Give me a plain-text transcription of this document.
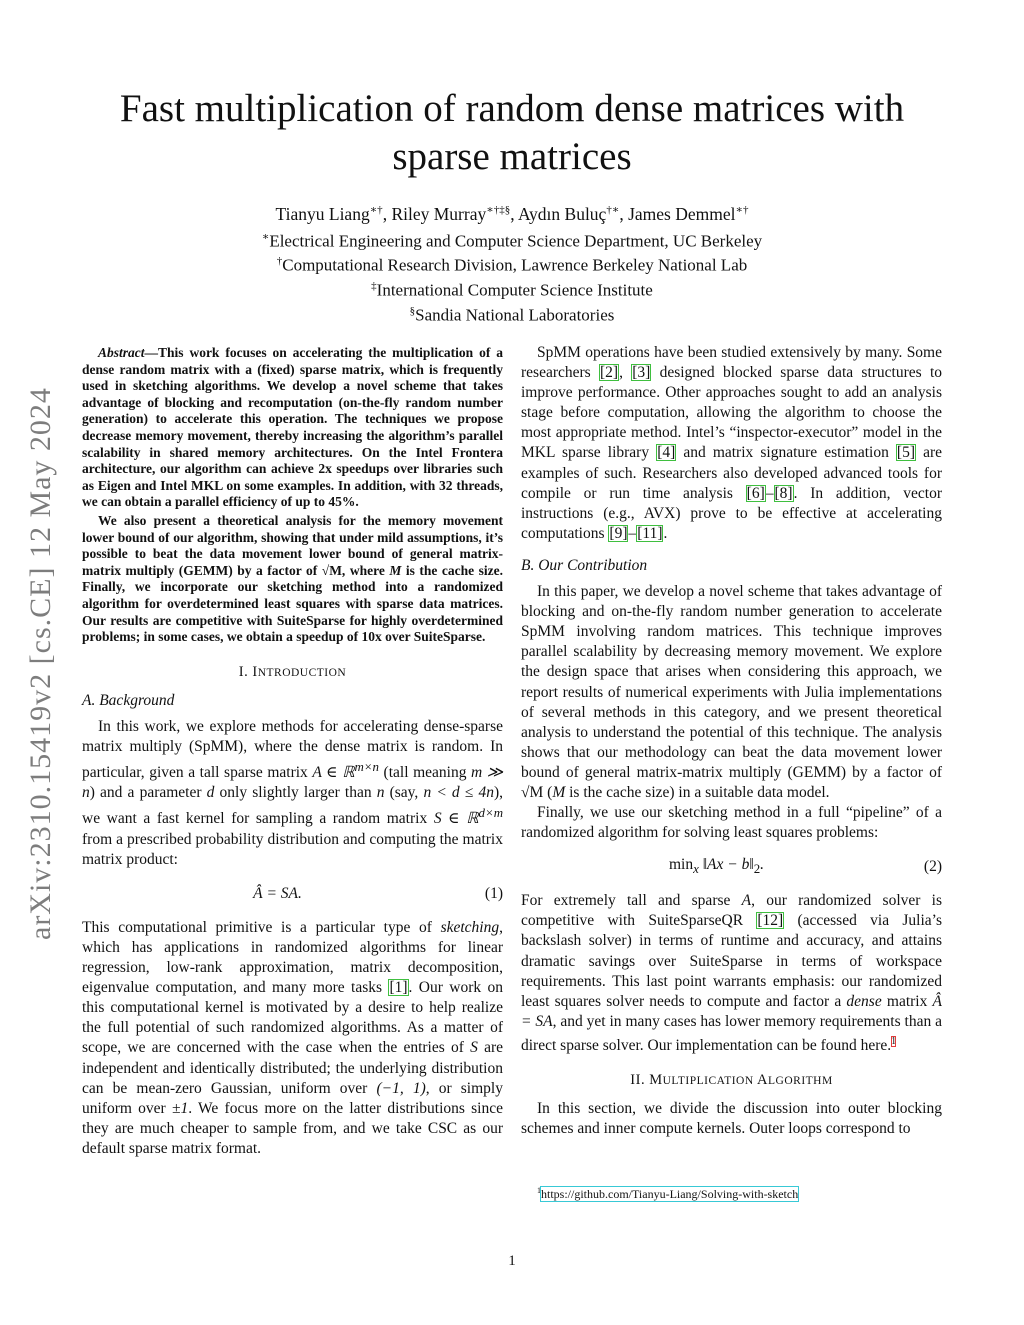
arXiv:2310.15419v2 [cs.CE] 12 May 2024
Fast multiplication of random dense matrices with
sparse matrices
Tianyu Liang∗†, Riley Murray∗†‡§, Aydın Buluç†∗, James Demmel∗†
∗Electrical Engineering and Computer Science Department, UC Berkeley
†Computational Research Division, Lawrence Berkeley National Lab
‡International Computer Science Institute
§Sandia National Laboratories

Abstract—This work focuses on accelerating the multiplication of a dense random matrix with a (fixed) sparse matrix, which is frequently used in sketching algorithms. We develop a novel scheme that takes advantage of blocking and recomputation (on-the-fly random number generation) to accelerate this operation. The techniques we propose decrease memory movement, thereby increasing the algorithm’s parallel scalability in shared memory architectures. On the Intel Frontera architecture, our algorithm can achieve 2x speedups over libraries such as Eigen and Intel MKL on some examples. In addition, with 32 threads, we can obtain a parallel efficiency of up to 45%.

We also present a theoretical analysis for the memory movement lower bound of our algorithm, showing that under mild assumptions, it’s possible to beat the data movement lower bound of general matrix-matrix multiply (GEMM) by a factor of √M, where M is the cache size. Finally, we incorporate our sketching method into a randomized algorithm for overdetermined least squares with sparse data matrices. Our results are competitive with SuiteSparse for highly overdetermined problems; in some cases, we obtain a speedup of 10x over SuiteSparse.

I. INTRODUCTION
A. Background

In this work, we explore methods for accelerating dense-sparse matrix multiply (SpMM), where the dense matrix is random. In particular, given a tall sparse matrix A ∈ ℝ$^{m\times n}$ (tall meaning m ≫ n) and a parameter d only slightly larger than n (say, n < d ≤ 4n), we want a fast kernel for sampling a random matrix S ∈ ℝ$^{d\times m}$ from a prescribed probability distribution and computing the matrix matrix product:

Â = SA.	(1)

This computational primitive is a particular type of sketching, which has applications in randomized algorithms for linear regression, low-rank approximation, matrix decomposition, eigenvalue computation, and many more tasks [1]. Our work on this computational kernel is motivated by a desire to help realize the full potential of such randomized algorithms. As a matter of scope, we are concerned with the case when the entries of S are independent and identically distributed; the underlying distribution can be mean-zero Gaussian, uniform over (−1, 1), or simply uniform over ±1. We focus more on the latter distributions since they are much cheaper to sample from, and we take CSC as our default sparse matrix format.

SpMM operations have been studied extensively by many. Some researchers [2], [3] designed blocked sparse data structures to improve performance. Other approaches sought to add an analysis stage before computation, allowing the algorithm to choose the most appropriate method. Intel’s “inspector-executor” model in the MKL sparse library [4] and matrix signature estimation [5] are examples of such. Researchers also developed advanced tools for compile or run time analysis [6]–[8]. In addition, vector instructions (e.g., AVX) prove to be effective at accelerating computations [9]–[11].

B. Our Contribution

In this paper, we develop a novel scheme that takes advantage of blocking and on-the-fly random number generation to accelerate SpMM involving random matrices. This technique improves parallel scalability by decreasing memory movement. We explore the design space that arises when considering this approach, we report results of numerical experiments with Julia implementations of several methods in this category, and we present theoretical analysis to understand the potential of this technique. The analysis shows that our methodology can beat the data movement lower bound of general matrix-matrix multiply (GEMM) by a factor of √M (M is the cache size) in a suitable data model.

Finally, we use our sketching method in a full “pipeline” of a randomized algorithm for solving least squares problems:

$\min_x$ ‖Ax − $b‖_2$.	(2)

For extremely tall and sparse A, our randomized solver is competitive with SuiteSparseQR [12] (accessed via Julia’s backslash solver) in terms of runtime and accuracy, and attains dramatic savings over SuiteSparse in terms of workspace requirements. This last point warrants emphasis: our randomized least squares solver needs to compute and factor a dense matrix Â = SA, and yet in many cases has lower memory requirements than a direct sparse solver. Our implementation can be found here.$^1$

II. MULTIPLICATION ALGORITHM

In this section, we divide the discussion into outer blocking schemes and inner compute kernels. Outer loops correspond to

$^1$https://github.com/Tianyu-Liang/Solving-with-sketch
1
